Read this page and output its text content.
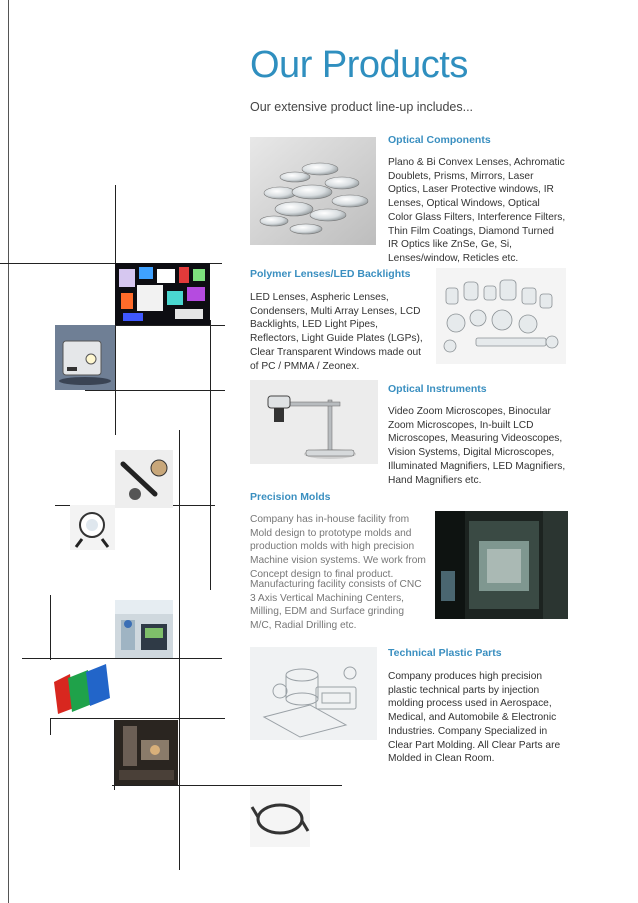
Our Products
Our extensive product line-up includes...
Optical Components
Plano & Bi Convex Lenses, Achromatic Doublets, Prisms, Mirrors, Laser Optics, Laser Protective windows, IR Lenses, Optical Windows, Optical Color Glass Filters, Interference Filters, Thin Film Coatings, Diamond Turned IR Optics like ZnSe, Ge, Si, Lenses/window, Reticles etc.
Polymer Lenses/LED Backlights
LED Lenses, Aspheric Lenses, Condensers, Multi Array Lenses, LCD Backlights, LED Light Pipes, Reflectors, Light Guide Plates (LGPs), Clear Transparent Windows made out of PC / PMMA / Zeonex.
Optical Instruments
Video Zoom Microscopes, Binocular Zoom Microscopes, In-built LCD Microscopes, Measuring Videoscopes, Vision Systems, Digital Microscopes, Illuminated Magnifiers, LED Magnifiers, Hand Magnifiers etc.
Precision Molds
Company has in-house facility from Mold design to prototype molds and production molds with high precision Machine vision systems. We work from Concept design to final product.
Manufacturing facility consists of CNC 3 Axis Vertical Machining Centers, Milling, EDM and Surface grinding M/C, Radial Drilling etc.
Technical Plastic Parts
Company produces high precision plastic technical parts by injection molding process used in Aerospace, Medical, and Automobile & Electronic Industries. Company Specialized in Clear Part Molding. All Clear Parts are Molded in Clean Room.
